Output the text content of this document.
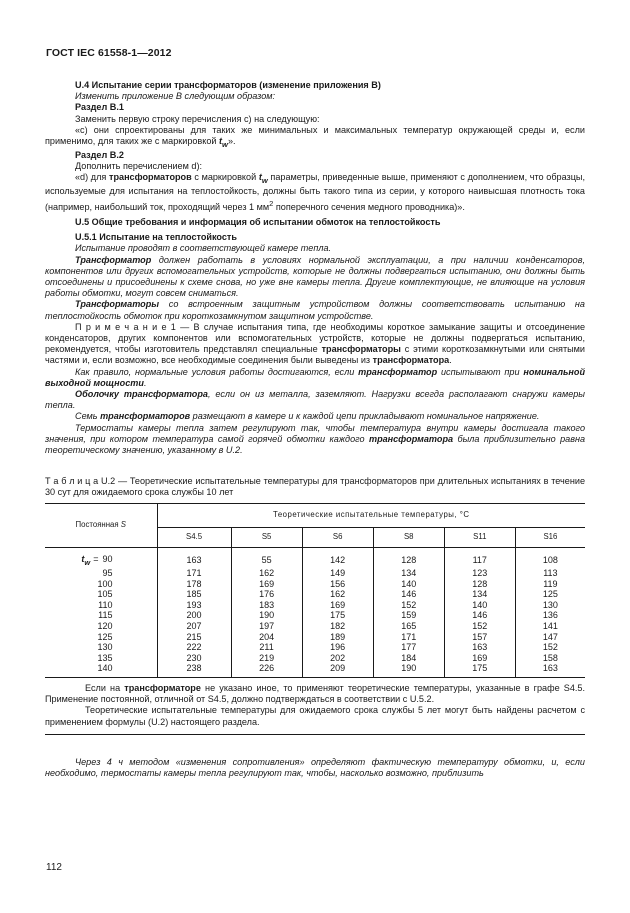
ГОСТ IEC 61558-1—2012

U.4 Испытание серии трансформаторов (изменение приложения В)

Изменить приложение В следующим образом:

Раздел В.1

Заменить первую строку перечисления с) на следующую:

«с) они спроектированы для таких же минимальных и максимальных температур окружающей среды и, если применимо, для таких же с маркировкой $t_w$».

Раздел В.2

Дополнить перечислением d):

«d) для трансформаторов с маркировкой $t_w$ параметры, приведенные выше, применяют с дополнением, что образцы, используемые для испытания на теплостойкость, должны быть такого типа из серии, у которого наивысшая плотность тока (например, наибольший ток, проходящий через 1 $мм^2$ поперечного сечения медного проводника)».

U.5 Общие требования и информация об испытании обмоток на теплостойкость

U.5.1 Испытание на теплостойкость

Испытание проводят в соответствующей камере тепла.

Трансформатор должен работать в условиях нормальной эксплуатации, а при наличии конденсаторов, компонентов или других вспомогательных устройств, которые не должны подвергаться испытанию, они должны быть отсоединены и присоединены к схеме снова, но уже вне камеры тепла. Другие комплектующие, не влияющие на условия работы обмотки, могут совсем сниматься.

Трансформаторы со встроенным защитным устройством должны соответствовать испытанию на теплостойкость обмоток при короткозамкнутом защитном устройстве.

П р и м е ч а н и е 1 — В случае испытания типа, где необходимы короткое замыкание защиты и отсоединение конденсаторов, других компонентов или вспомогательных устройств, которые не должны подвергаться испытанию, рекомендуется, чтобы изготовитель представлял специальные трансформаторы с этими короткозамкнутыми или снятыми частями и, если возможно, все необходимые соединения были выведены из трансформатора.

Как правило, нормальные условия работы достигаются, если трансформатор испытывают при номинальной выходной мощности.

Оболочку трансформатора, если он из металла, заземляют. Нагрузки всегда располагают снаружи камеры тепла.

Семь трансформаторов размещают в камере и к каждой цепи прикладывают номинальное напряжение.

Термостаты камеры тепла затем регулируют так, чтобы температура внутри камеры достигала такого значения, при котором температура самой горячей обмотки каждого трансформатора была приблизительно равна теоретическому значению, указанному в U.2.

Т а б л и ц а U.2 — Теоретические испытательные температуры для трансформаторов при длительных испытаниях в течение 30 сут для ожидаемого срока службы 10 лет

Постоянная S	Теоретические испытательные температуры, °С					
	S4.5	S5	S6	S8	S11	S16
$t_w = 90$	163	55	142	128	117	108
95	171	162	149	134	123	113
100	178	169	156	140	128	119
105	185	176	162	146	134	125
110	193	183	169	152	140	130
115	200	190	175	159	146	136
120	207	197	182	165	152	141
125	215	204	189	171	157	147
130	222	211	196	177	163	152
135	230	219	202	184	169	158
140	238	226	209	190	175	163

Если на трансформаторе не указано иное, то применяют теоретические температуры, указанные в графе S4.5. Применение постоянной, отличной от S4.5, должно подтверждаться в соответствии с U.5.2.

Теоретические испытательные температуры для ожидаемого срока службы 5 лет могут быть найдены расчетом с применением формулы (U.2) настоящего раздела.

Через 4 ч методом «изменения сопротивления» определяют фактическую температуру обмотки, и, если необходимо, термостаты камеры тепла регулируют так, чтобы, насколько возможно, приблизить

112
